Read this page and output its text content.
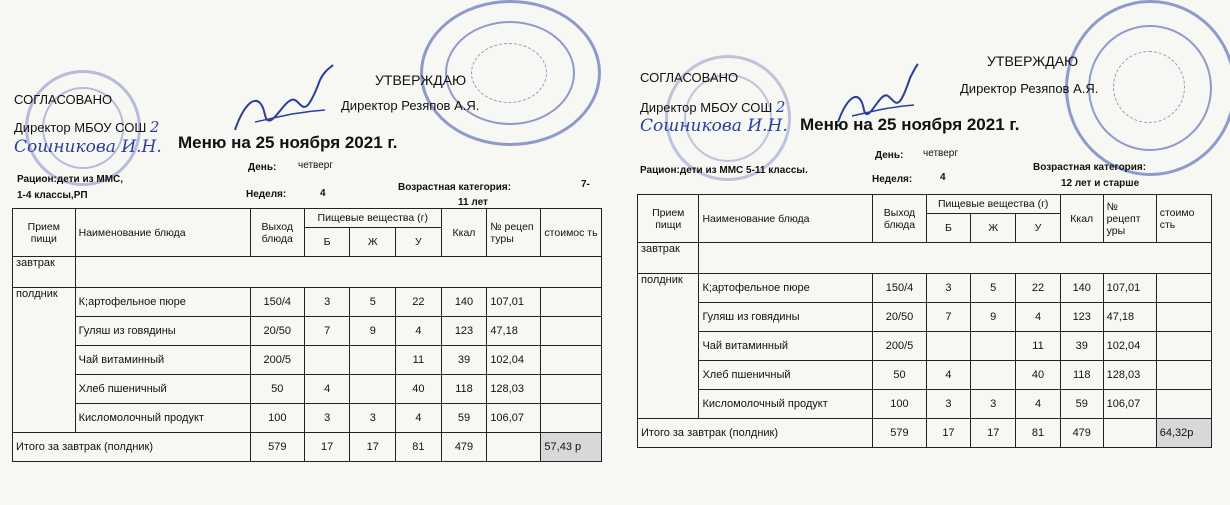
СОГЛАСОВАНО
Директор МБОУ СОШ 2
Сошникова И.Н.
УТВЕРЖДАЮ
Директор Резяпов А.Я.
Меню на 25 ноября 2021 г.
День: четверг
Рацион:дети из ММС,
1-4 классы,РП	Неделя:	4
Возрастная категория:	7-
11 лет
Прием пищи	Наименование блюда	Выход блюда	Пищевые вещества (г)			Ккал	№ рецеп туры	стоимос ть
			Б	Ж	У			
завтрак								
полдник	К;артофельное пюре	150/4	3	5	22	140	107,01	
	Гуляш из говядины	20/50	7	9	4	123	47,18	
	Чай витаминный	200/5			11	39	102,04	
	Хлеб пшеничный	50	4		40	118	128,03	
	Кисломолочный продукт	100	3	3	4	59	106,07	
Итого за завтрак (полдник)		579	17	17	81	479		57,43 р
СОГЛАСОВАНО
Директор МБОУ СОШ 2
Сошникова И.Н.
УТВЕРЖДАЮ
Директор Резяпов А.Я.
Меню на 25 ноября 2021 г.
День: четверг
Рацион:дети из ММС 5-11 классы.
Неделя:	4
Возрастная категория:
12 лет и старше
Прием пищи	Наименование блюда	Выход блюда	Пищевые вещества (г)			Ккал	№ рецепт уры	стоимо сть
			Б	Ж	У			
завтрак								
полдник	К;артофельное пюре	150/4	3	5	22	140	107,01	
	Гуляш из говядины	20/50	7	9	4	123	47,18	
	Чай витаминный	200/5			11	39	102,04	
	Хлеб пшеничный	50	4		40	118	128,03	
	Кисломолочный продукт	100	3	3	4	59	106,07	
Итого за завтрак (полдник)		579	17	17	81	479		64,32р
